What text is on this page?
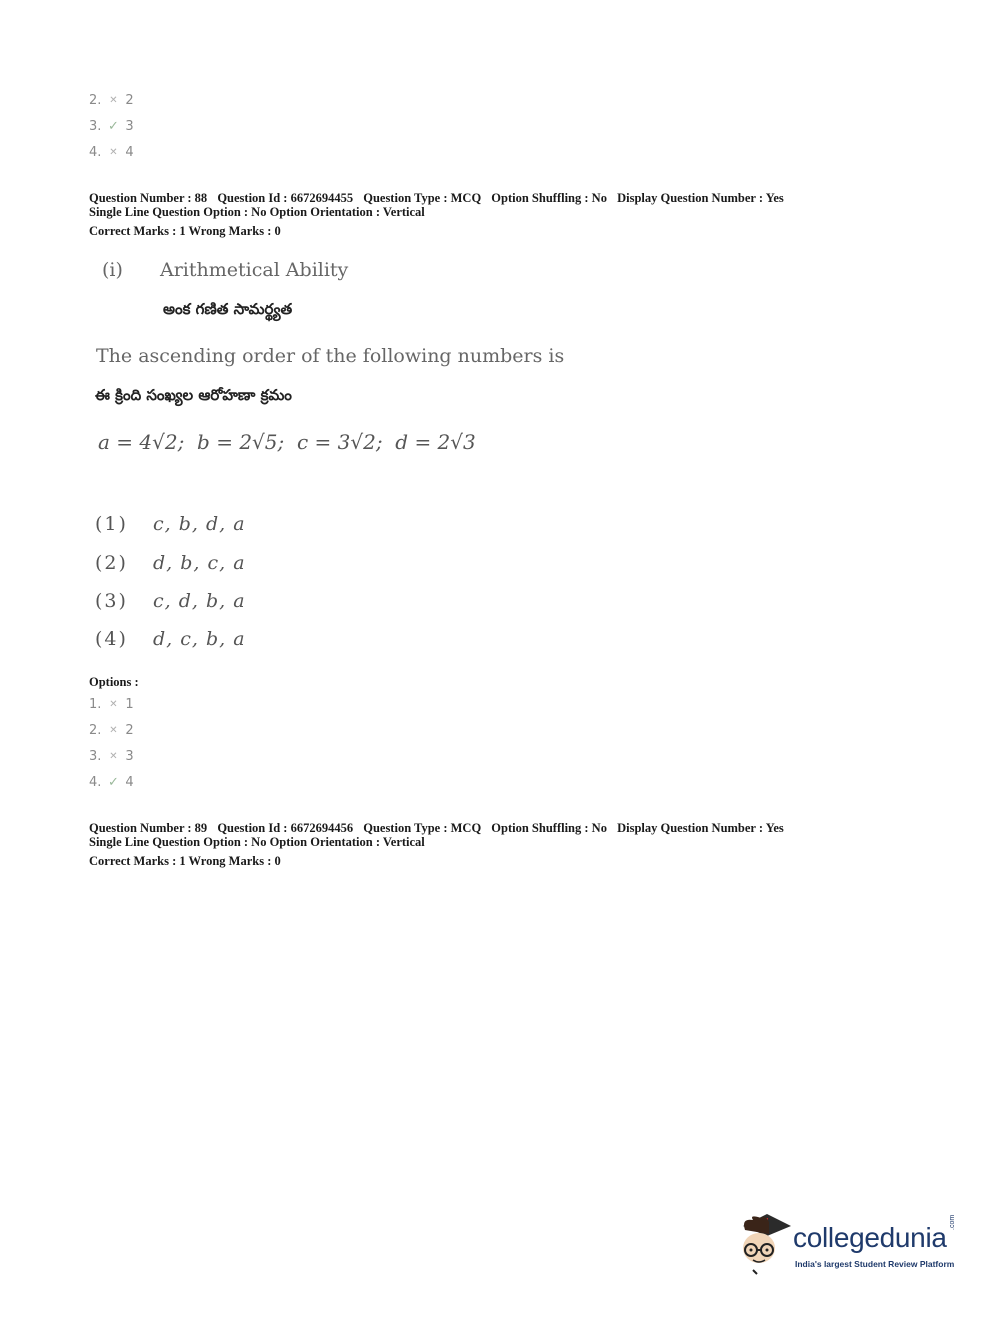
2. ✕ 2
3. ✓ 3
4. ✕ 4
Question Number : 88 Question Id : 6672694455 Question Type : MCQ Option Shuffling : No Display Question Number : Yes
Single Line Question Option : No Option Orientation : Vertical
Correct Marks : 1 Wrong Marks : 0
(i) Arithmetical Ability
అంక గణిత సామర్థ్యత
The ascending order of the following numbers is
ఈ క్రింది సంఖ్యల ఆరోహణా క్రమం
a = 4√2;  b = 2√5;  c = 3√2;  d = 2√3
(1) c, b, d, a
(2) d, b, c, a
(3) c, d, b, a
(4) d, c, b, a
Options :
1. ✕ 1
2. ✕ 2
3. ✕ 3
4. ✓ 4
Question Number : 89 Question Id : 6672694456 Question Type : MCQ Option Shuffling : No Display Question Number : Yes
Single Line Question Option : No Option Orientation : Vertical
Correct Marks : 1 Wrong Marks : 0
collegedunia .com
India's largest Student Review Platform
